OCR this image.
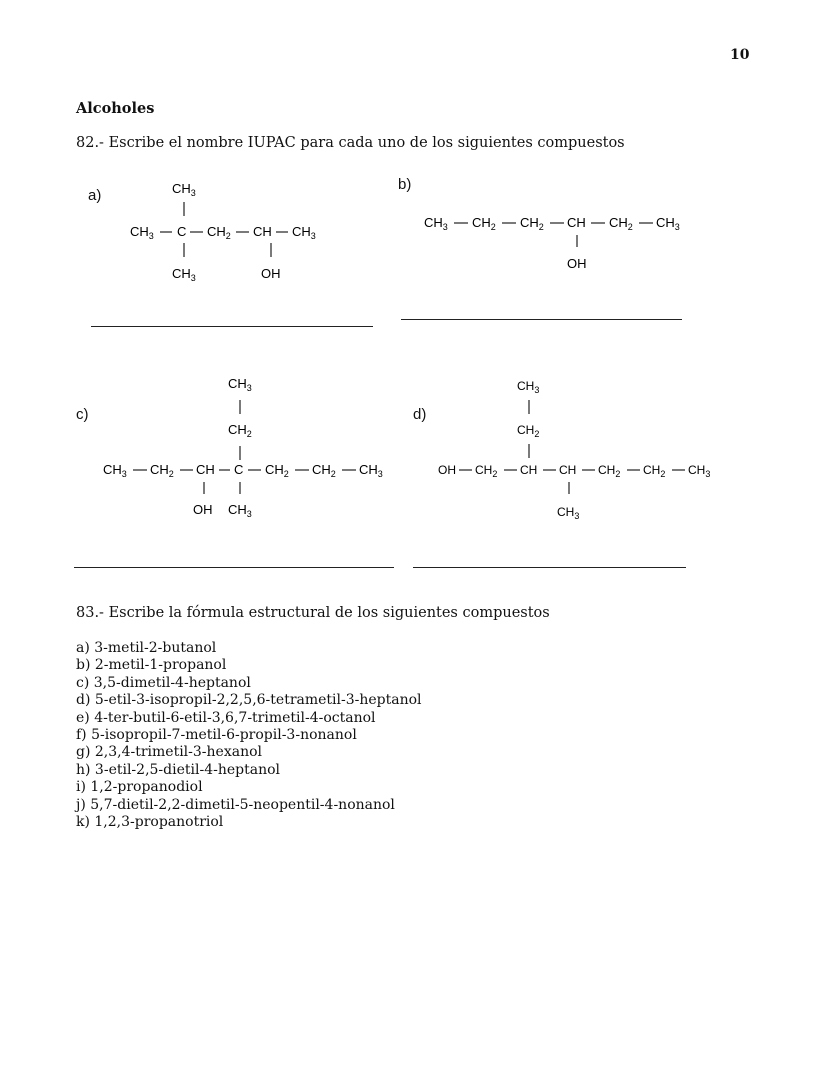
10
Alcoholes
82.- Escribe el nombre IUPAC para cada uno de los siguientes compuestos
a)	$CH_3$
$CH_3$ C $CH_2$ CH $CH_3$
$CH_3$	OH
b)
$CH_3$ $CH_2$ $CH_2$ CH $CH_2$ $CH_3$
OH
c)
$CH_3$
$CH_2$
$CH_3$ $CH_2$ CH C $CH_2$ $CH_2$ $CH_3$
OH $CH_3$
d)
$CH_3$
$CH_2$
OH $CH_2$ CH CH $CH_2$ $CH_2$ $CH_3$
$CH_3$
83.- Escribe la fórmula estructural de los siguientes compuestos
a) 3-metil-2-butanol
b) 2-metil-1-propanol
c) 3,5-dimetil-4-heptanol
d) 5-etil-3-isopropil-2,2,5,6-tetrametil-3-heptanol
e) 4-ter-butil-6-etil-3,6,7-trimetil-4-octanol
f) 5-isopropil-7-metil-6-propil-3-nonanol
g) 2,3,4-trimetil-3-hexanol
h) 3-etil-2,5-dietil-4-heptanol
i) 1,2-propanodiol
j) 5,7-dietil-2,2-dimetil-5-neopentil-4-nonanol
k) 1,2,3-propanotriol
